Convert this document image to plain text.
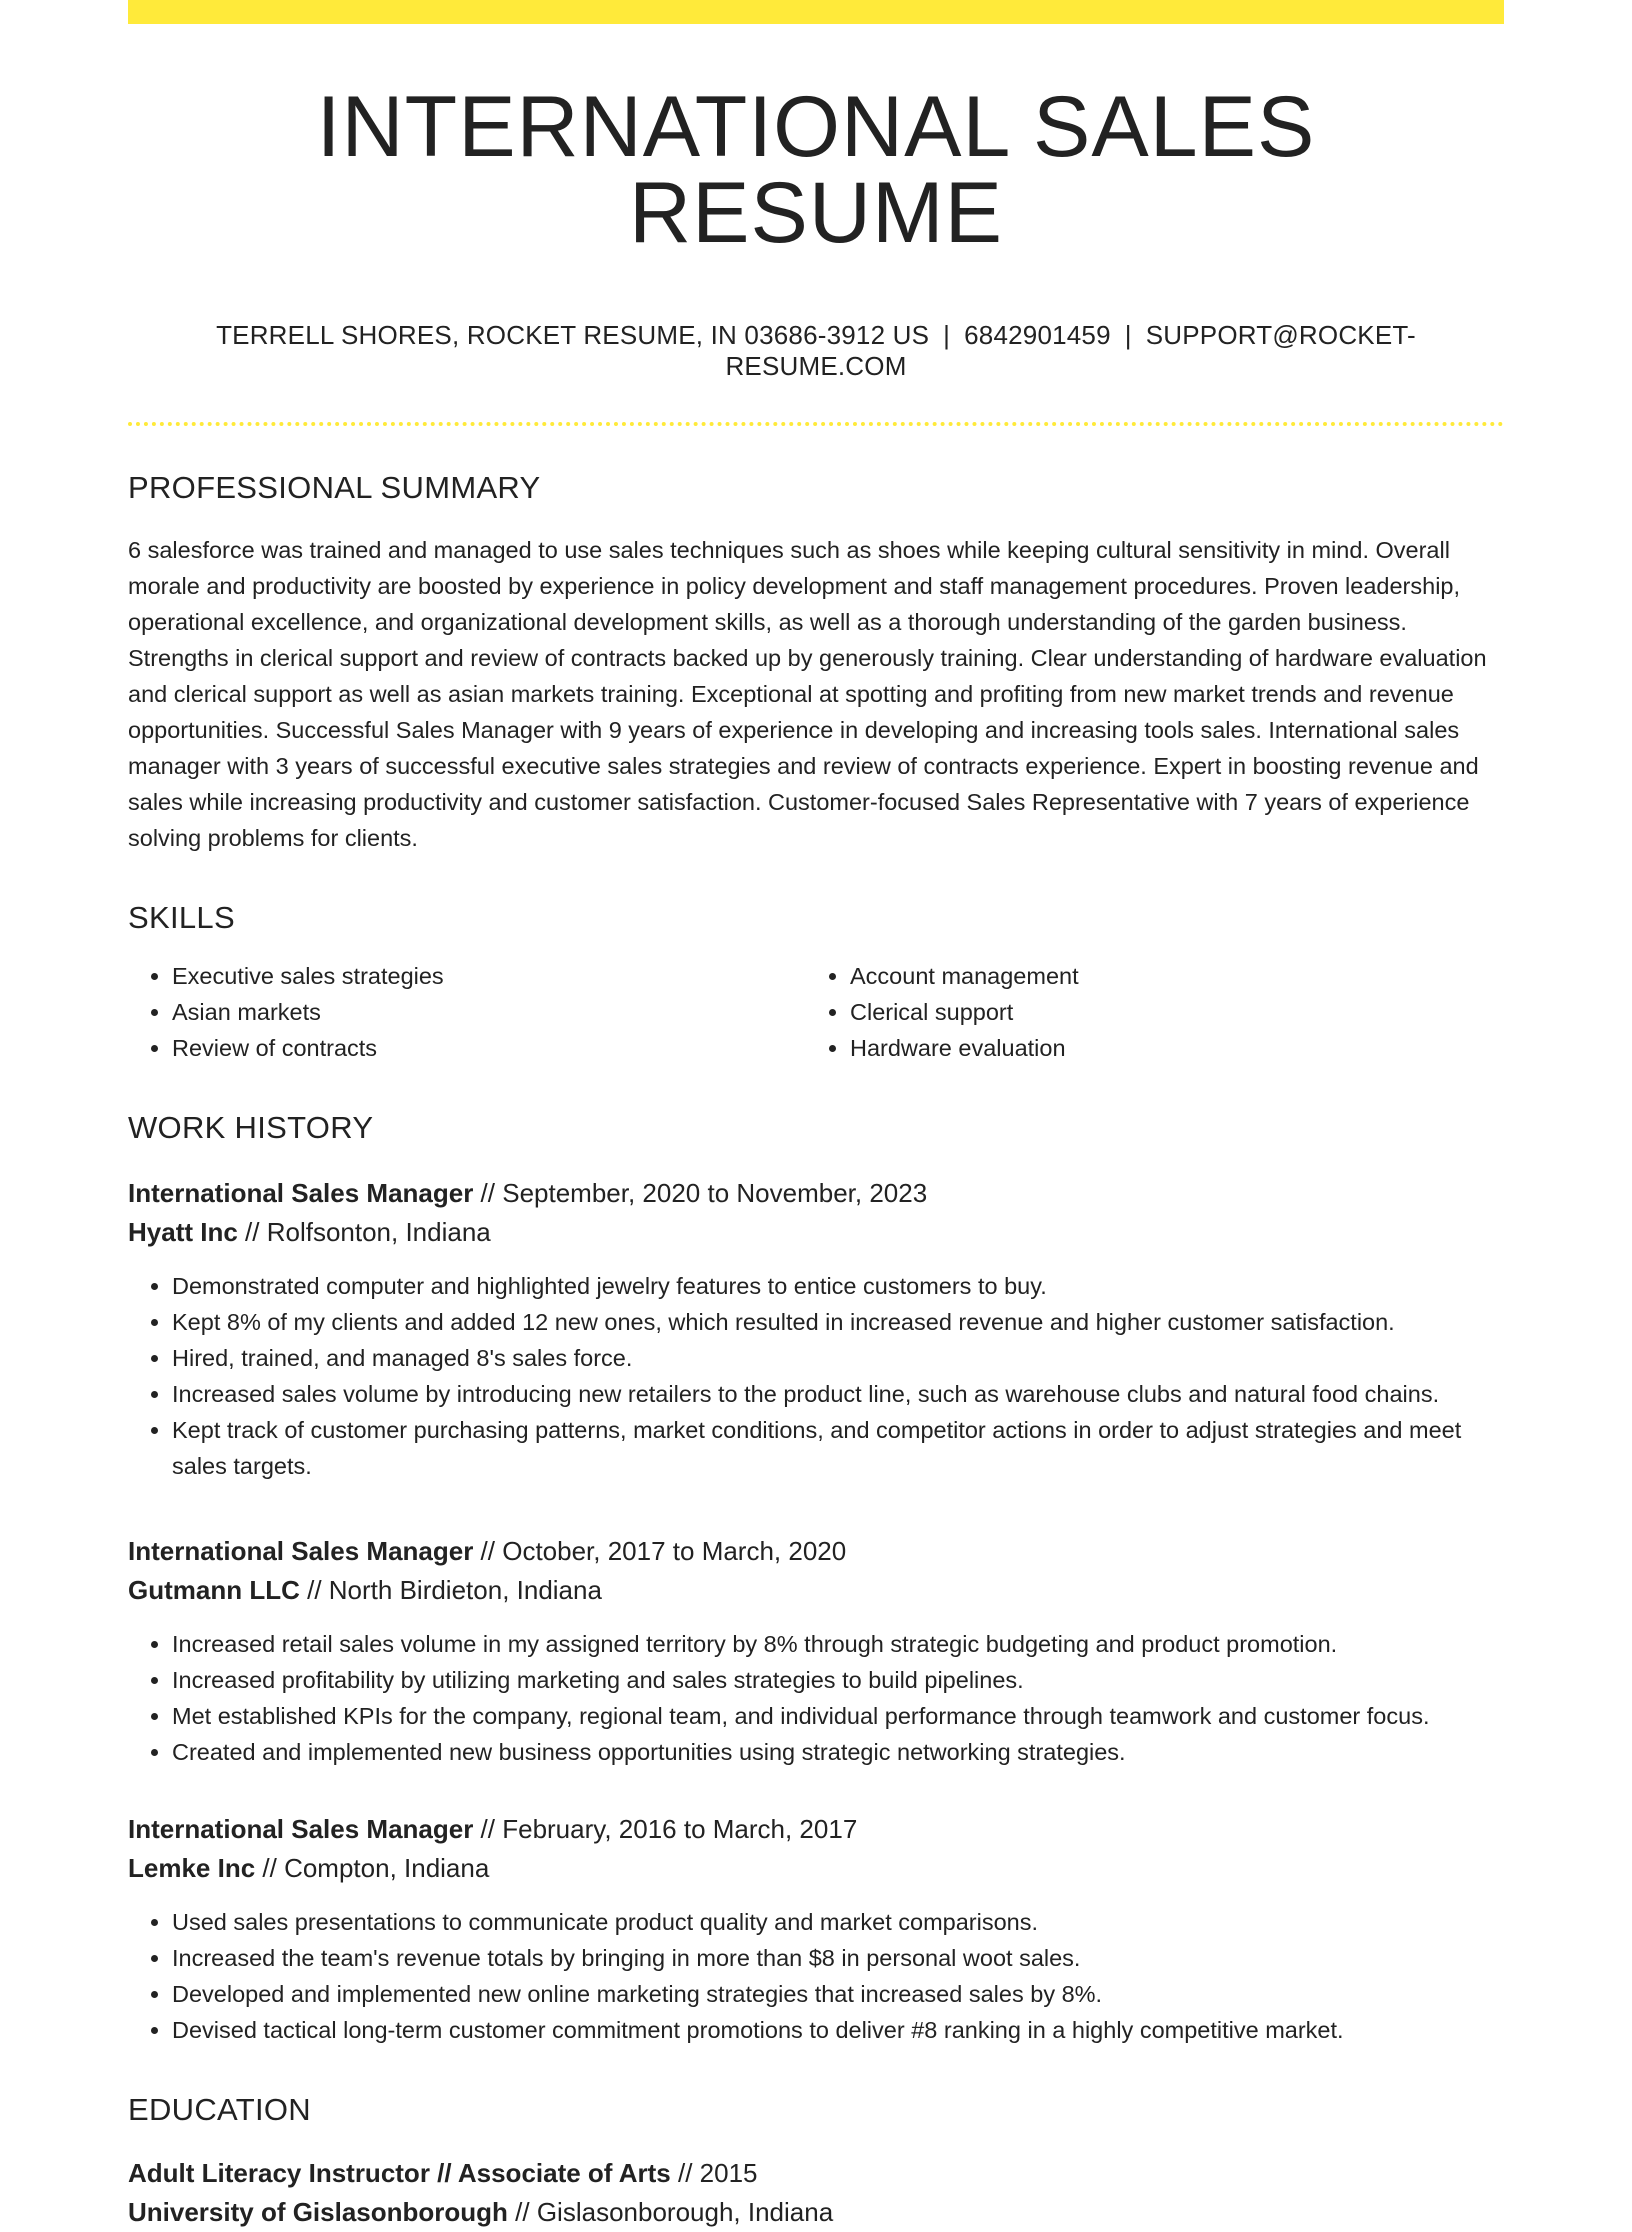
INTERNATIONAL SALES RESUME
TERRELL SHORES, ROCKET RESUME, IN 03686-3912 US | 6842901459 | SUPPORT@ROCKET-RESUME.COM
PROFESSIONAL SUMMARY
6 salesforce was trained and managed to use sales techniques such as shoes while keeping cultural sensitivity in mind. Overall morale and productivity are boosted by experience in policy development and staff management procedures. Proven leadership, operational excellence, and organizational development skills, as well as a thorough understanding of the garden business. Strengths in clerical support and review of contracts backed up by generously training. Clear understanding of hardware evaluation and clerical support as well as asian markets training. Exceptional at spotting and profiting from new market trends and revenue opportunities. Successful Sales Manager with 9 years of experience in developing and increasing tools sales. International sales manager with 3 years of successful executive sales strategies and review of contracts experience. Expert in boosting revenue and sales while increasing productivity and customer satisfaction. Customer-focused Sales Representative with 7 years of experience solving problems for clients.
SKILLS
• Executive sales strategies
• Asian markets
• Review of contracts
• Account management
• Clerical support
• Hardware evaluation
WORK HISTORY
International Sales Manager // September, 2020 to November, 2023
Hyatt Inc // Rolfsonton, Indiana
• Demonstrated computer and highlighted jewelry features to entice customers to buy.
• Kept 8% of my clients and added 12 new ones, which resulted in increased revenue and higher customer satisfaction.
• Hired, trained, and managed 8's sales force.
• Increased sales volume by introducing new retailers to the product line, such as warehouse clubs and natural food chains.
• Kept track of customer purchasing patterns, market conditions, and competitor actions in order to adjust strategies and meet sales targets.
International Sales Manager // October, 2017 to March, 2020
Gutmann LLC // North Birdieton, Indiana
• Increased retail sales volume in my assigned territory by 8% through strategic budgeting and product promotion.
• Increased profitability by utilizing marketing and sales strategies to build pipelines.
• Met established KPIs for the company, regional team, and individual performance through teamwork and customer focus.
• Created and implemented new business opportunities using strategic networking strategies.
International Sales Manager // February, 2016 to March, 2017
Lemke Inc // Compton, Indiana
• Used sales presentations to communicate product quality and market comparisons.
• Increased the team's revenue totals by bringing in more than $8 in personal woot sales.
• Developed and implemented new online marketing strategies that increased sales by 8%.
• Devised tactical long-term customer commitment promotions to deliver #8 ranking in a highly competitive market.
EDUCATION
Adult Literacy Instructor // Associate of Arts // 2015
University of Gislasonborough // Gislasonborough, Indiana
